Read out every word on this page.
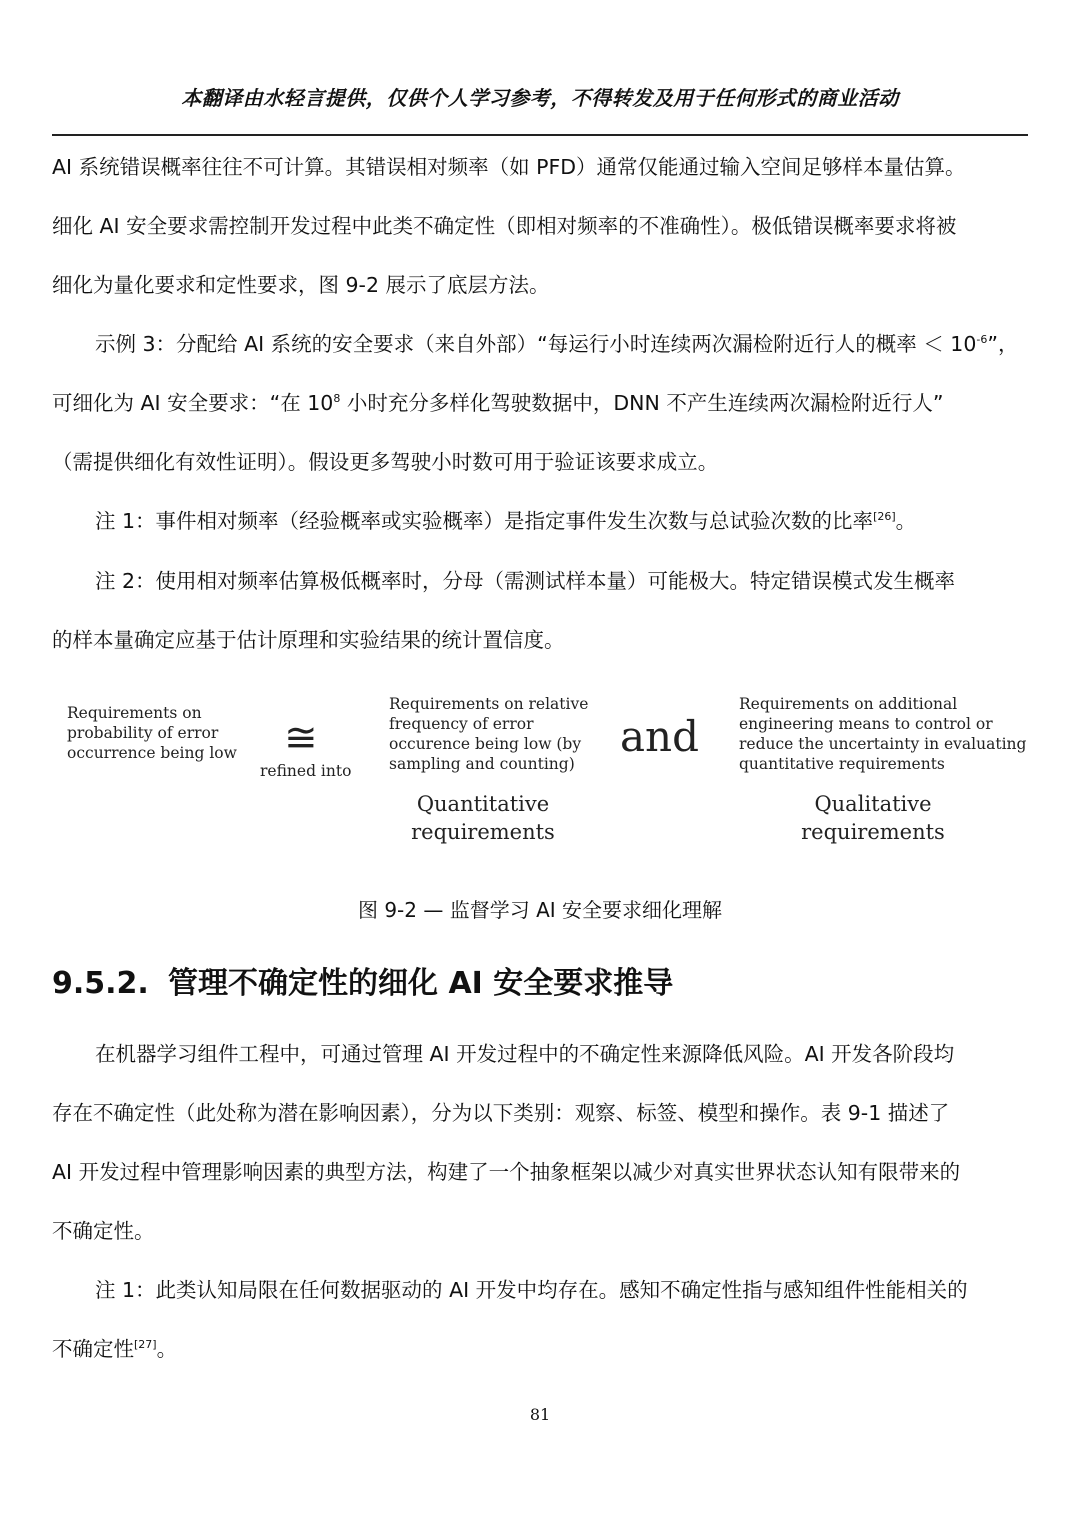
本翻译由水轻言提供，仅供个人学习参考，不得转发及用于任何形式的商业活动
AI 系统错误概率往往不可计算。其错误相对频率（如 PFD）通常仅能通过输入空间足够样本量估算。
细化 AI 安全要求需控制开发过程中此类不确定性（即相对频率的不准确性）。极低错误概率要求将被
细化为量化要求和定性要求，图 9-2 展示了底层方法。
示例 3：分配给 AI 系统的安全要求（来自外部）“每运行小时连续两次漏检附近行人的概率 ＜ $10^{-6}$”，
可细化为 AI 安全要求：“在 $10^8$ 小时充分多样化驾驶数据中，DNN 不产生连续两次漏检附近行人”
（需提供细化有效性证明）。假设更多驾驶小时数可用于验证该要求成立。
注 1：事件相对频率（经验概率或实验概率）是指定事件发生次数与总试验次数的比率[26]。
注 2：使用相对频率估算极低概率时，分母（需测试样本量）可能极大。特定错误模式发生概率
的样本量确定应基于估计原理和实验结果的统计置信度。
Requirements on
probability of error
occurrence being low ≅
refined into
Requirements on relative
frequency of error
occurence being low (by
sampling and counting)
Quantitative
requirements
and
Requirements on additional
engineering means to control or
reduce the uncertainty in evaluating
quantitative requirements
Qualitative
requirements
图 9-2 — 监督学习 AI 安全要求细化理解
9.5.2. 管理不确定性的细化 AI 安全要求推导
在机器学习组件工程中，可通过管理 AI 开发过程中的不确定性来源降低风险。AI 开发各阶段均
存在不确定性（此处称为潜在影响因素），分为以下类别：观察、标签、模型和操作。表 9-1 描述了
AI 开发过程中管理影响因素的典型方法，构建了一个抽象框架以减少对真实世界状态认知有限带来的
不确定性。
注 1：此类认知局限在任何数据驱动的 AI 开发中均存在。感知不确定性指与感知组件性能相关的
不确定性[27]。
81
